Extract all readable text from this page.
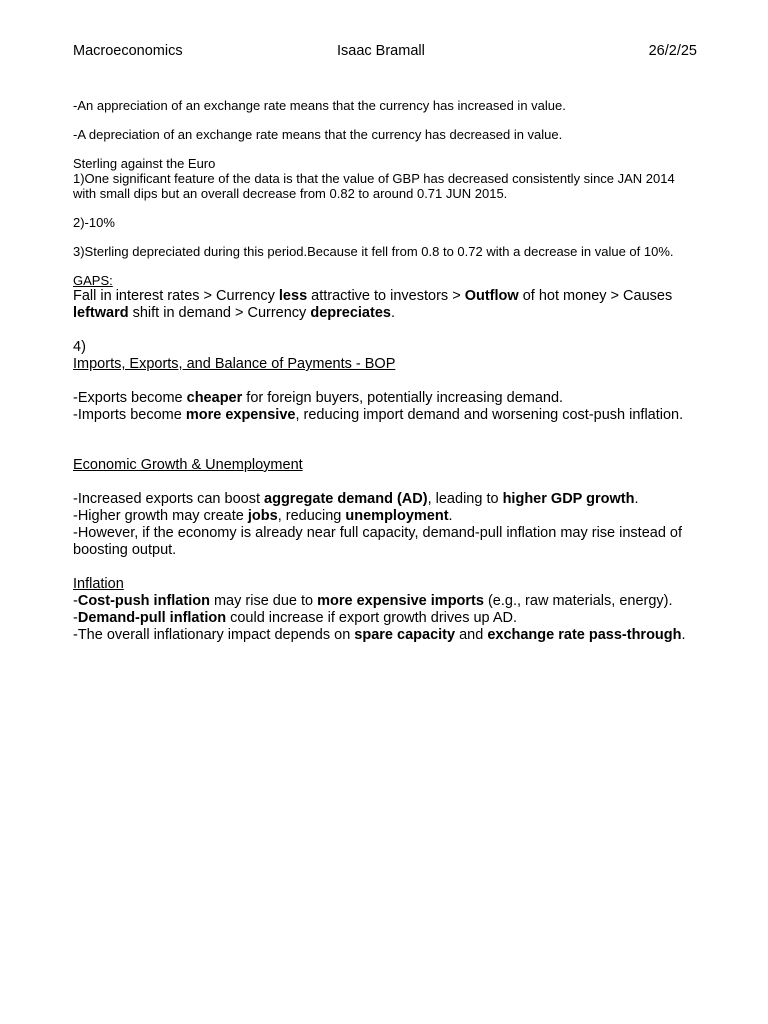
Macroeconomics	Isaac Bramall	26/2/25

-An appreciation of an exchange rate means that the currency has increased in value.

-A depreciation of an exchange rate means that the currency has decreased in value.

Sterling against the Euro

1)One significant feature of the data is that the value of GBP has decreased consistently since JAN 2014 with small dips but an overall decrease from 0.82 to around 0.71 JUN 2015.

2)-10%

3)Sterling depreciated during this period.Because it fell from 0.8 to 0.72 with a decrease in value of 10%.

GAPS:

Fall in interest rates > Currency less attractive to investors > Outflow of hot money > Causes leftward shift in demand > Currency depreciates.

4)

Imports, Exports, and Balance of Payments - BOP

-Exports become cheaper for foreign buyers, potentially increasing demand.

-Imports become more expensive, reducing import demand and worsening cost-push inflation.

Economic Growth & Unemployment

-Increased exports can boost aggregate demand (AD), leading to higher GDP growth.

-Higher growth may create jobs, reducing unemployment.

-However, if the economy is already near full capacity, demand-pull inflation may rise instead of boosting output.

Inflation

-Cost-push inflation may rise due to more expensive imports (e.g., raw materials, energy).

-Demand-pull inflation could increase if export growth drives up AD.

-The overall inflationary impact depends on spare capacity and exchange rate pass-through.
